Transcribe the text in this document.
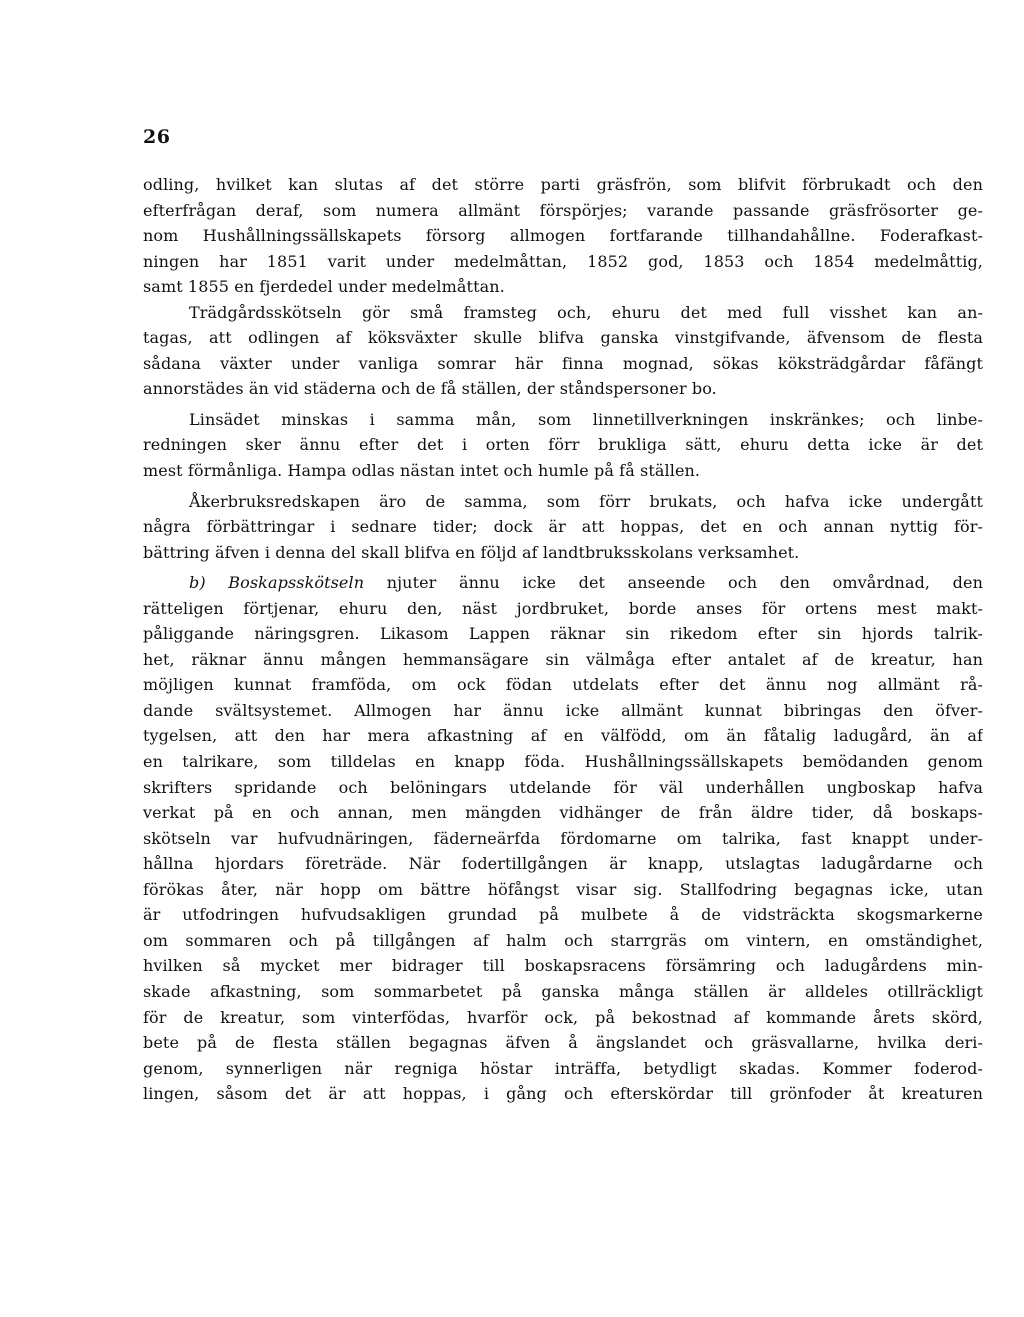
26
odling, hvilket kan slutas af det större parti gräsfrön, som blifvit förbrukadt och den
efterfrågan deraf, som numera allmänt förspörjes; varande passande gräsfrösorter ge-
nom Hushållningssällskapets försorg allmogen fortfarande tillhandahållne. Foderafkast-
ningen har 1851 varit under medelmåttan, 1852 god, 1853 och 1854 medelmåttig,
samt 1855 en fjerdedel under medelmåttan.
Trädgårdsskötseln gör små framsteg och, ehuru det med full visshet kan an-
tagas, att odlingen af köksväxter skulle blifva ganska vinstgifvande, äfvensom de flesta
sådana växter under vanliga somrar här finna mognad, sökas köksträdgårdar fåfängt
annorstädes än vid städerna och de få ställen, der ståndspersoner bo.
Linsädet minskas i samma mån, som linnetillverkningen inskränkes; och linbe-
redningen sker ännu efter det i orten förr brukliga sätt, ehuru detta icke är det
mest förmånliga. Hampa odlas nästan intet och humle på få ställen.
Åkerbruksredskapen äro de samma, som förr brukats, och hafva icke undergått
några förbättringar i sednare tider; dock är att hoppas, det en och annan nyttig för-
bättring äfven i denna del skall blifva en följd af landtbruksskolans verksamhet.
b) Boskapsskötseln njuter ännu icke det anseende och den omvårdnad, den
rätteligen förtjenar, ehuru den, näst jordbruket, borde anses för ortens mest makt-
påliggande näringsgren. Likasom Lappen räknar sin rikedom efter sin hjords talrik-
het, räknar ännu mången hemmansägare sin välmåga efter antalet af de kreatur, han
möjligen kunnat framföda, om ock födan utdelats efter det ännu nog allmänt rå-
dande svältsystemet. Allmogen har ännu icke allmänt kunnat bibringas den öfver-
tygelsen, att den har mera afkastning af en välfödd, om än fåtalig ladugård, än af
en talrikare, som tilldelas en knapp föda. Hushållningssällskapets bemödanden genom
skrifters spridande och belöningars utdelande för väl underhållen ungboskap hafva
verkat på en och annan, men mängden vidhänger de från äldre tider, då boskaps-
skötseln var hufvudnäringen, fäderneärfda fördomarne om talrika, fast knappt under-
hållna hjordars företräde. När fodertillgången är knapp, utslagtas ladugårdarne och
förökas åter, när hopp om bättre höfångst visar sig. Stallfodring begagnas icke, utan
är utfodringen hufvudsakligen grundad på mulbete å de vidsträckta skogsmarkerne
om sommaren och på tillgången af halm och starrgräs om vintern, en omständighet,
hvilken så mycket mer bidrager till boskapsracens försämring och ladugårdens min-
skade afkastning, som sommarbetet på ganska många ställen är alldeles otillräckligt
för de kreatur, som vinterfödas, hvarför ock, på bekostnad af kommande årets skörd,
bete på de flesta ställen begagnas äfven å ängslandet och gräsvallarne, hvilka deri-
genom, synnerligen när regniga höstar inträffa, betydligt skadas. Kommer foderod-
lingen, såsom det är att hoppas, i gång och efterskördar till grönfoder åt kreaturen
